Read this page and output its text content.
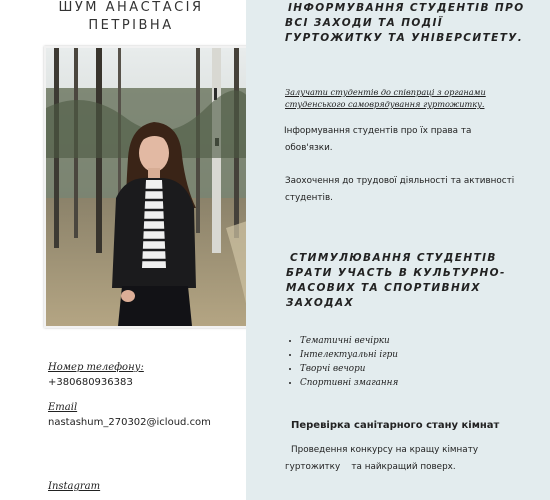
ШУМ АНАСТАСІЯ
ПЕТРІВНА
Номер телефону:
+38068093638З
Email
nastashum_270302@icloud.com
Instagram
ІНФОРМУВАННЯ СТУДЕНТІВ ПРО
ВСІ ЗАХОДИ ТА ПОДІЇ
ГУРТОЖИТКУ ТА УНІВЕРСИТЕТУ.
Залучати студентів до співпраці з органами
студенського самоврядування гуртожитку.
Інформування студентів про їх права та
обов'язки.
Заохочення до трудової діяльності та активності
студентів.
СТИМУЛЮВАННЯ СТУДЕНТІВ
БРАТИ УЧАСТЬ В КУЛЬТУРНО-
МАСОВИХ ТА СПОРТИВНИХ
ЗАХОДАХ
• Тематичні вечірки
• Інтелектуальні ігри
• Творчі вечори
• Спортивні змагання
Перевірка санітарного стану кімнат
Проведення конкурсу на кращу кімнату
гуртожитку    та найкращий поверх.
